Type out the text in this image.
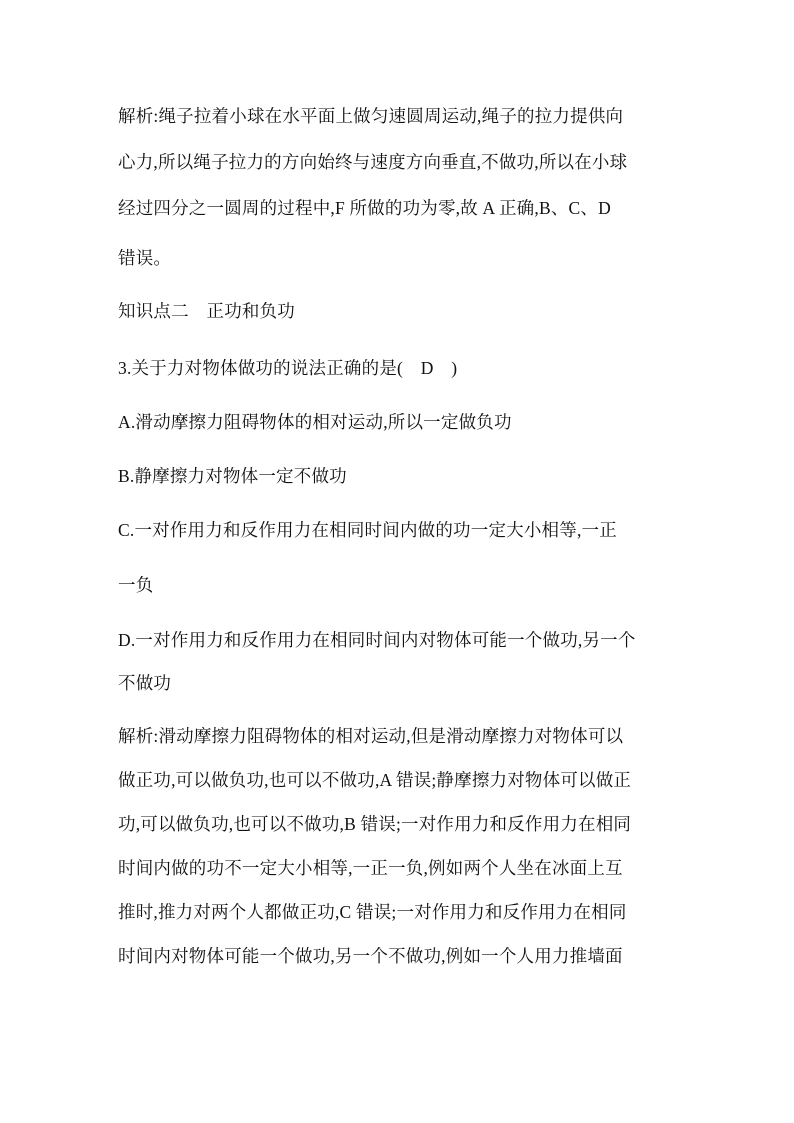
解析:绳子拉着小球在水平面上做匀速圆周运动,绳子的拉力提供向
心力,所以绳子拉力的方向始终与速度方向垂直,不做功,所以在小球
经过四分之一圆周的过程中,F 所做的功为零,故 A 正确,B、C、D
错误。
知识点二　正功和负功
3.关于力对物体做功的说法正确的是(　D　)
A.滑动摩擦力阻碍物体的相对运动,所以一定做负功
B.静摩擦力对物体一定不做功
C.一对作用力和反作用力在相同时间内做的功一定大小相等,一正
一负
D.一对作用力和反作用力在相同时间内对物体可能一个做功,另一个
不做功
解析:滑动摩擦力阻碍物体的相对运动,但是滑动摩擦力对物体可以
做正功,可以做负功,也可以不做功,A 错误;静摩擦力对物体可以做正
功,可以做负功,也可以不做功,B 错误;一对作用力和反作用力在相同
时间内做的功不一定大小相等,一正一负,例如两个人坐在冰面上互
推时,推力对两个人都做正功,C 错误;一对作用力和反作用力在相同
时间内对物体可能一个做功,另一个不做功,例如一个人用力推墙面
